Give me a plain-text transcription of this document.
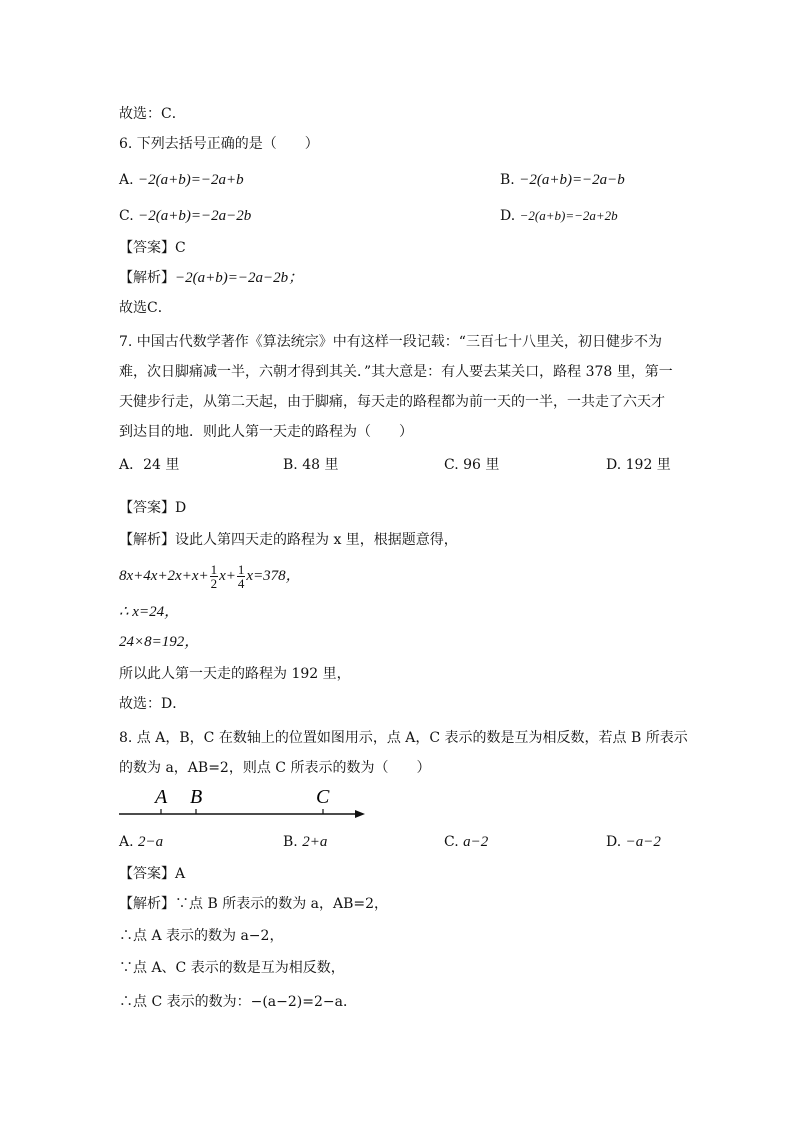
故选：C．
6. 下列去括号正确的是（　　）
A. −2(a+b)=−2a+b	B. −2(a+b)=−2a−b
C. −2(a+b)=−2a−2b	D. −2(a+b)=−2a+2b
【答案】C
【解析】−2(a+b)=−2a−2b；
故选C．
7. 中国古代数学著作《算法统宗》中有这样一段记载：“三百七十八里关，初日健步不为
难，次日脚痛减一半，六朝才得到其关．”其大意是：有人要去某关口，路程 378 里，第一
天健步行走，从第二天起，由于脚痛，每天走的路程都为前一天的一半，一共走了六天才
到达目的地．则此人第一天走的路程为（　　）
A．24 里	B. 48 里	C. 96 里	D. 192 里
【答案】D
【解析】设此人第四天走的路程为 x 里，根据题意得，
$8x+4x+2x+x+ \frac{1}{2} x+ \frac{1}{4} x=378$，
∴ x=24，
24×8=192，
所以此人第一天走的路程为 192 里，
故选：D．
8. 点 A，B，C 在数轴上的位置如图用示，点 A，C 表示的数是互为相反数，若点 B 所表示
的数为 a，AB=2，则点 C 所表示的数为（　　）
A B	C
A. 2−a	B. 2+a	C. a−2	D. −a−2
【答案】A
【解析】∵点 B 所表示的数为 a，AB=2，
∴点 A 表示的数为 a−2，
∵点 A、C 表示的数是互为相反数，
∴点 C 表示的数为：−(a−2)=2−a．
